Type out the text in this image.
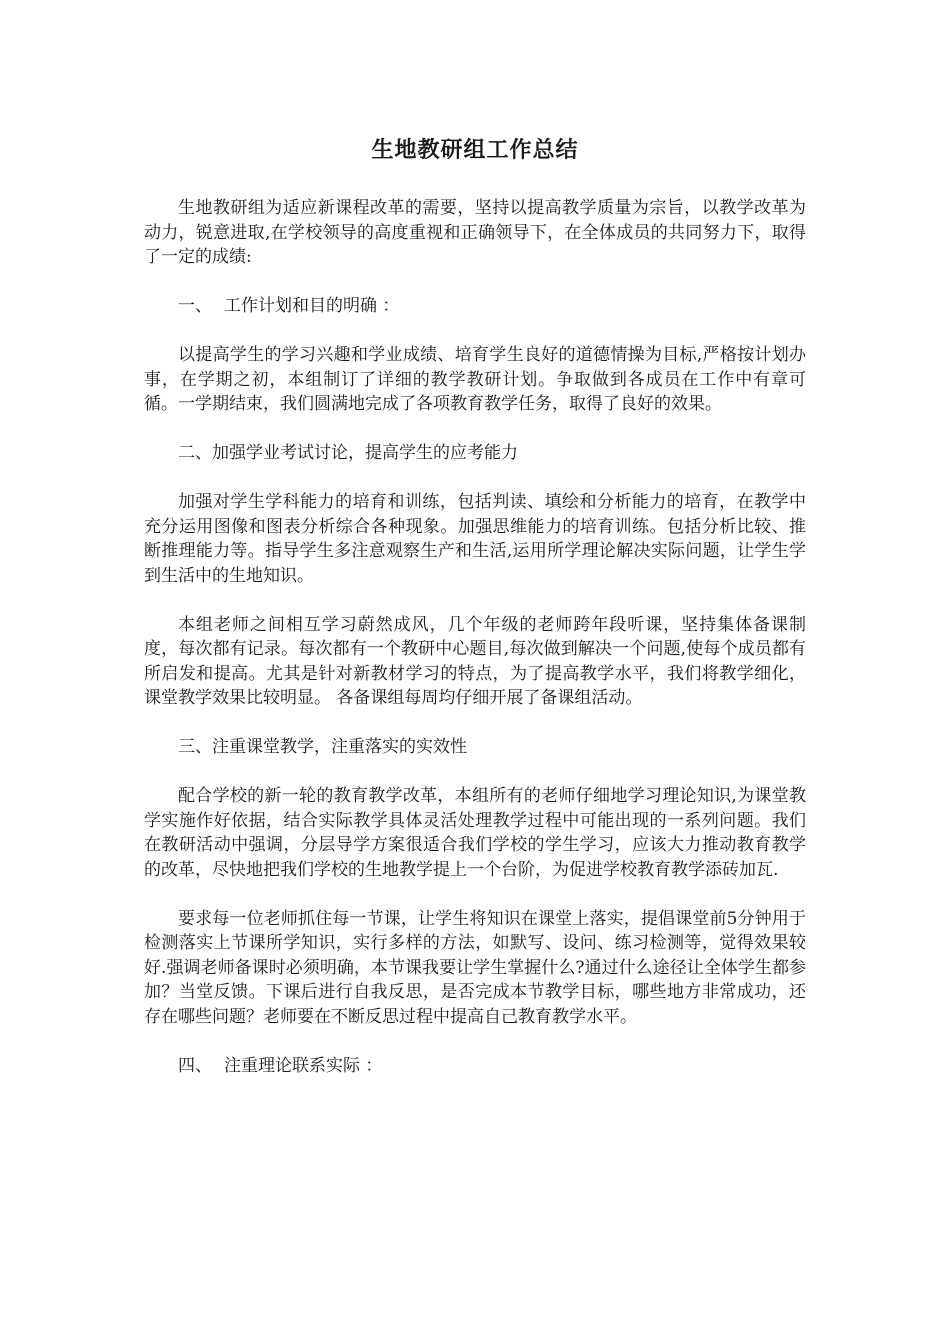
生地教研组工作总结

生地教研组为适应新课程改革的需要，坚持以提高教学质量为宗旨，以教学改革为动力，锐意进取,在学校领导的高度重视和正确领导下，在全体成员的共同努力下，取得了一定的成绩:

一、 工作计划和目的明确 ：

以提高学生的学习兴趣和学业成绩、培育学生良好的道德情操为目标,严格按计划办事，在学期之初，本组制订了详细的教学教研计划。争取做到各成员在工作中有章可循。一学期结束，我们圆满地完成了各项教育教学任务，取得了良好的效果。

二、加强学业考试讨论，提高学生的应考能力

加强对学生学科能力的培育和训练，包括判读、填绘和分析能力的培育，在教学中充分运用图像和图表分析综合各种现象。加强思维能力的培育训练。包括分析比较、推断推理能力等。指导学生多注意观察生产和生活,运用所学理论解决实际问题，让学生学到生活中的生地知识。

本组老师之间相互学习蔚然成风，几个年级的老师跨年段听课，坚持集体备课制度，每次都有记录。每次都有一个教研中心题目,每次做到解决一个问题,使每个成员都有所启发和提高。尤其是针对新教材学习的特点，为了提高教学水平，我们将教学细化，课堂教学效果比较明显。 各备课组每周均仔细开展了备课组活动。

三、注重课堂教学，注重落实的实效性

配合学校的新一轮的教育教学改革，本组所有的老师仔细地学习理论知识,为课堂教学实施作好依据，结合实际教学具体灵活处理教学过程中可能出现的一系列问题。我们在教研活动中强调，分层导学方案很适合我们学校的学生学习，应该大力推动教育教学的改革，尽快地把我们学校的生地教学提上一个台阶，为促进学校教育教学添砖加瓦.

要求每一位老师抓住每一节课，让学生将知识在课堂上落实，提倡课堂前5分钟用于检测落实上节课所学知识，实行多样的方法，如默写、设问、练习检测等，觉得效果较好.强调老师备课时必须明确，本节课我要让学生掌握什么?通过什么途径让全体学生都参加？当堂反馈。下课后进行自我反思，是否完成本节教学目标，哪些地方非常成功，还存在哪些问题？老师要在不断反思过程中提高自己教育教学水平。

四、 注重理论联系实际 ：
